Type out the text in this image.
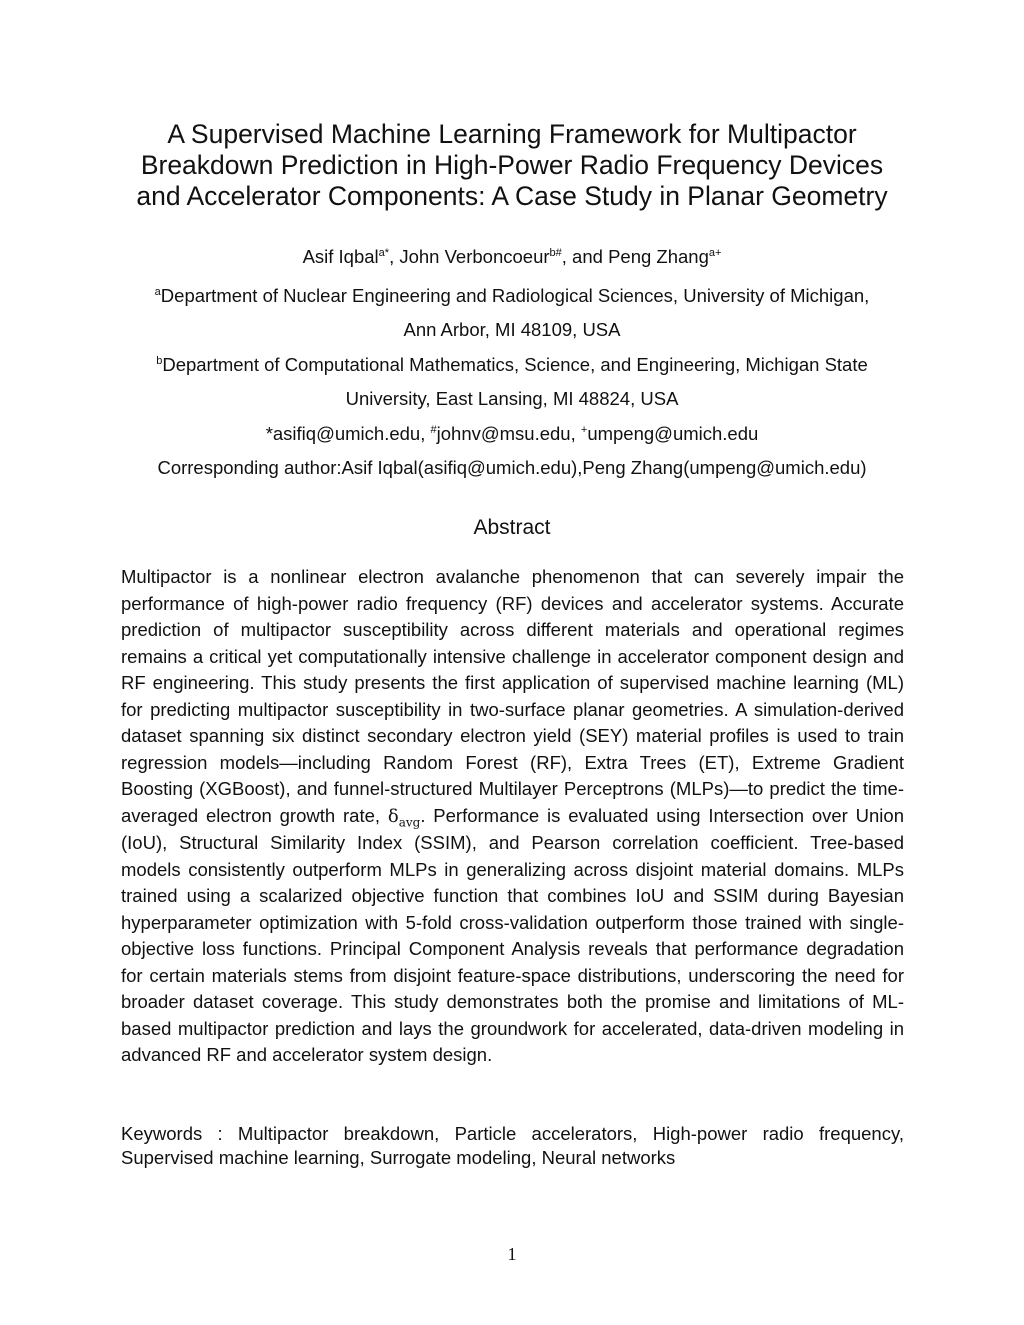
A Supervised Machine Learning Framework for Multipactor
Breakdown Prediction in High-Power Radio Frequency Devices
and Accelerator Components: A Case Study in Planar Geometry
Asif Iqbal$^{a*}$, John Verboncoeur$^{b\#}$, and Peng Zhang$^{a+}$
$^a$Department of Nuclear Engineering and Radiological Sciences, University of Michigan,
Ann Arbor, MI 48109, USA
$^b$Department of Computational Mathematics, Science, and Engineering, Michigan State
University, East Lansing, MI 48824, USA
*asifiq@umich.edu, #johnv@msu.edu, +umpeng@umich.edu
Corresponding author:Asif Iqbal(asifiq@umich.edu),Peng Zhang(umpeng@umich.edu)
Abstract

Multipactor is a nonlinear electron avalanche phenomenon that can severely impair the performance of high-power radio frequency (RF) devices and accelerator systems. Accurate prediction of multipactor susceptibility across different materials and operational regimes remains a critical yet computationally intensive challenge in accelerator component design and RF engineering. This study presents the first application of supervised machine learning (ML) for predicting multipactor susceptibility in two-surface planar geometries. A simulation-derived dataset spanning six distinct secondary electron yield (SEY) material profiles is used to train regression models—including Random Forest (RF), Extra Trees (ET), Extreme Gradient Boosting (XGBoost), and funnel-structured Multilayer Perceptrons (MLPs)—to predict the time-averaged electron growth rate, $\delta_{avg}$. Performance is evaluated using Intersection over Union (IoU), Structural Similarity Index (SSIM), and Pearson correlation coefficient. Tree-based models consistently outperform MLPs in generalizing across disjoint material domains. MLPs trained using a scalarized objective function that combines IoU and SSIM during Bayesian hyperparameter optimization with 5-fold cross-validation outperform those trained with single-objective loss functions. Principal Component Analysis reveals that performance degradation for certain materials stems from disjoint feature-space distributions, underscoring the need for broader dataset coverage. This study demonstrates both the promise and limitations of ML-based multipactor prediction and lays the groundwork for accelerated, data-driven modeling in advanced RF and accelerator system design.

Keywords : Multipactor breakdown, Particle accelerators, High-power radio frequency, Supervised machine learning, Surrogate modeling, Neural networks

1
